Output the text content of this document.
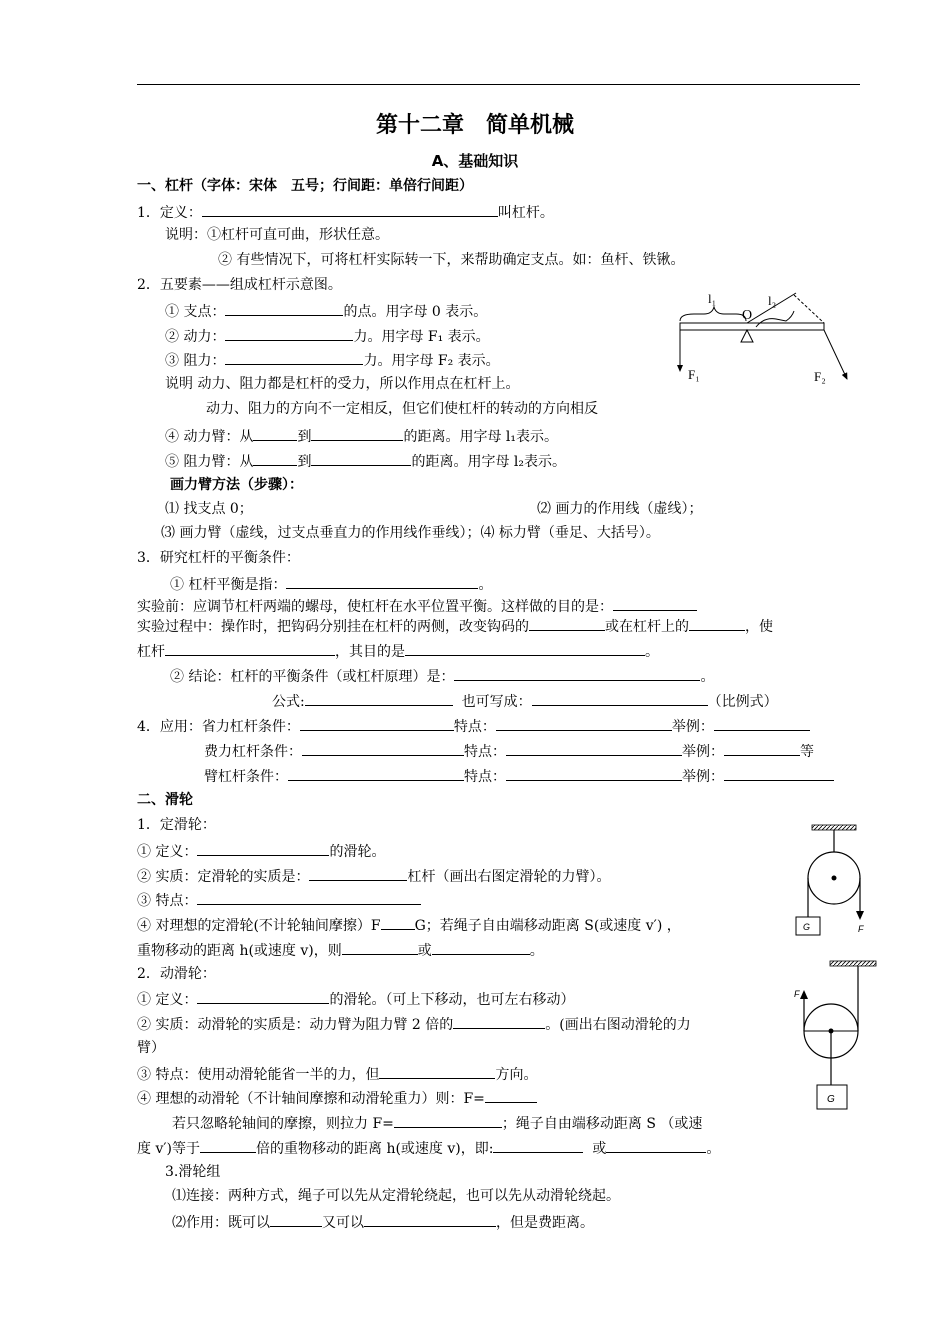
第十二章　简单机械
A、基础知识
一、杠杆（字体：宋体　五号；行间距：单倍行间距）
1．定义：	叫杠杆。
说明：①杠杆可直可曲，形状任意。
② 有些情况下，可将杠杆实际转一下，来帮助确定支点。如：鱼杆、铁锹。
2．五要素——组成杠杆示意图。
① 支点：	的点。用字母 0 表示。
② 动力：	力。用字母 F₁ 表示。
③ 阻力：	力。用字母 F₂ 表示。
说明 动力、阻力都是杠杆的受力，所以作用点在杠杆上。
动力、阻力的方向不一定相反，但它们使杠杆的转动的方向相反
④ 动力臂：从	到	的距离。用字母 l₁表示。
⑤ 阻力臂：从	到	的距离。用字母 l₂表示。
画力臂方法（步骤）：
⑴ 找支点 0；	⑵ 画力的作用线（虚线）；
⑶ 画力臂（虚线，过支点垂直力的作用线作垂线）；⑷ 标力臂（垂足、大括号）。
3．研究杠杆的平衡条件：
① 杠杆平衡是指：	。
实验前：应调节杠杆两端的螺母，使杠杆在水平位置平衡。这样做的目的是：
实验过程中：操作时，把钩码分别挂在杠杆的两侧，改变钩码的	或在杠杆上的	，使
杠杆	，其目的是	。
② 结论：杠杆的平衡条件（或杠杆原理）是：	。
公式:	也可写成：	（比例式）
4．应用：省力杠杆条件：	特点：	举例：
费力杠杆条件：	特点：	举例：	等
臂杠杆条件：	特点：	举例：
l₁	l₂
O
F₁	F₂
二、滑轮
1．定滑轮：
① 定义：	的滑轮。
② 实质：定滑轮的实质是：	杠杆（画出右图定滑轮的力臂）。
③ 特点：
④ 对理想的定滑轮(不计轮轴间摩擦）F G；若绳子自由端移动距离 S(或速度 v′) ，
重物移动的距离 h(或速度 v)，则	或	。
2．动滑轮：
① 定义：	的滑轮。（可上下移动，也可左右移动）
② 实质：动滑轮的实质是：动力臂为阻力臂 2 倍的	。(画出右图动滑轮的力
臂）
③ 特点：使用动滑轮能省一半的力，但	方向。
④ 理想的动滑轮（不计轴间摩擦和动滑轮重力）则：F=
若只忽略轮轴间的摩擦，则拉力 F=	；绳子自由端移动距离 S （或速
度 v′)等于	倍的重物移动的距离 h(或速度 v)，即:	或	。
3.滑轮组
⑴连接：两种方式，绳子可以先从定滑轮绕起，也可以先从动滑轮绕起。
⑵作用：既可以	又可以	，但是费距离。
G	F
G
F
